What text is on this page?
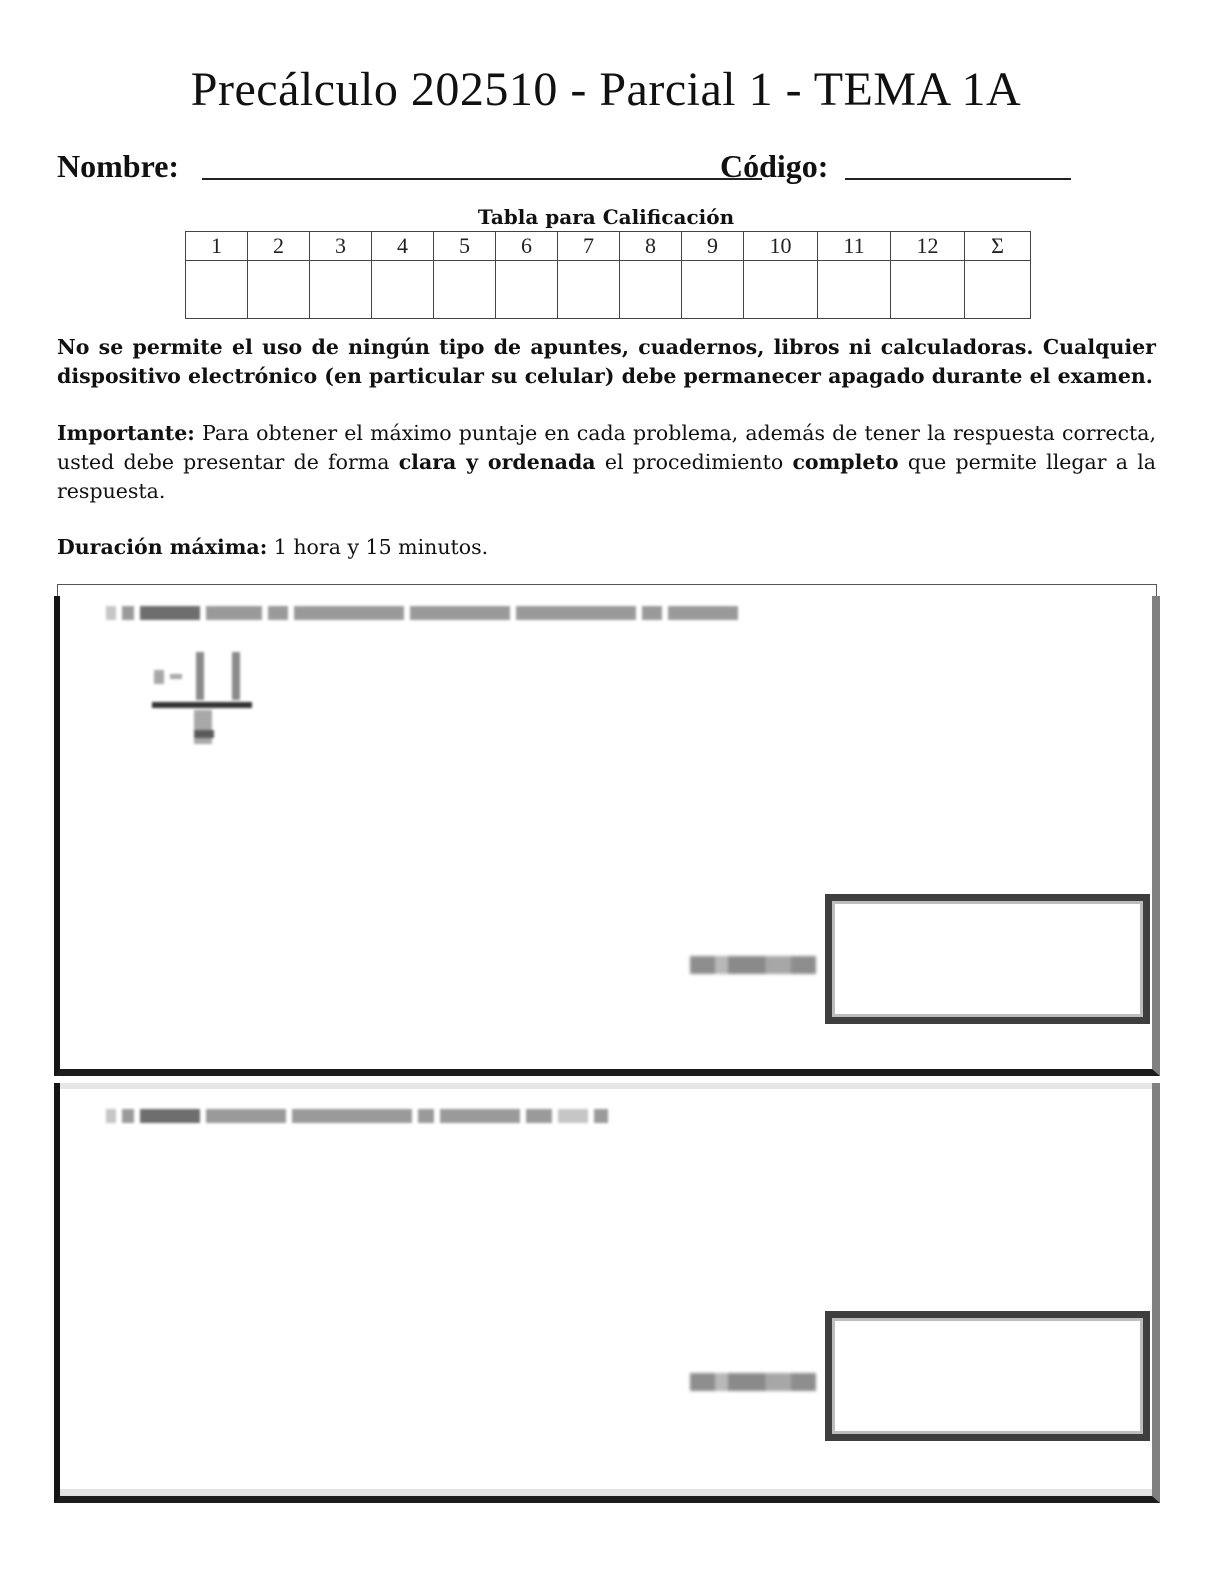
Precálculo 202510 - Parcial 1 - TEMA 1A
Nombre:	Código:
Tabla para Calificación
1	2	3	4	5	6	7	8	9	10	11	12	Σ

No se permite el uso de ningún tipo de apuntes, cuadernos, libros ni calculadoras. Cualquier dispositivo electrónico (en particular su celular) debe permanecer apagado durante el examen.
Importante: Para obtener el máximo puntaje en cada problema, además de tener la respuesta correcta, usted debe presentar de forma clara y ordenada el procedimiento completo que permite llegar a la respuesta.
Duración máxima: 1 hora y 15 minutos.
